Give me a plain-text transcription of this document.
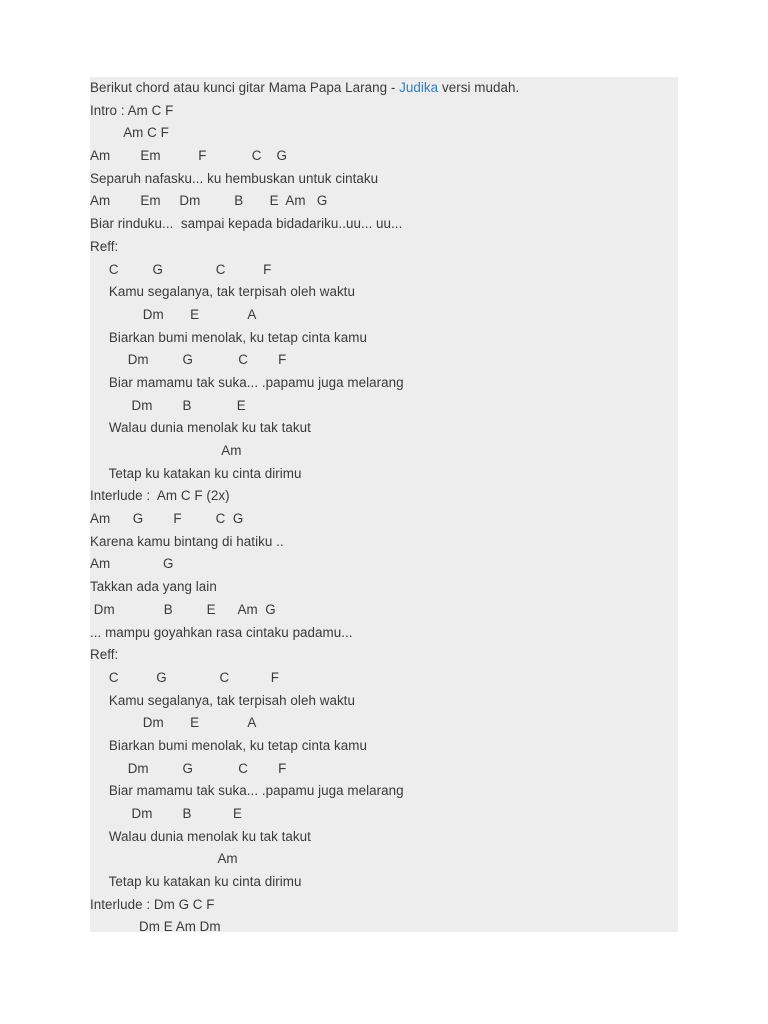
Berikut chord atau kunci gitar Mama Papa Larang - Judika versi mudah.
Intro : Am C F
Am C F
Am        Em          F            C    G
Separuh nafasku... ku hembuskan untuk cintaku
Am        Em     Dm         B       E  Am   G
Biar rinduku...  sampai kepada bidadariku..uu... uu...
Reff:
C         G              C          F
Kamu segalanya, tak terpisah oleh waktu
Dm       E             A
Biarkan bumi menolak, ku tetap cinta kamu
Dm         G            C        F
Biar mamamu tak suka... .papamu juga melarang
Dm        B            E
Walau dunia menolak ku tak takut
Am
Tetap ku katakan ku cinta dirimu
Interlude :  Am C F (2x)
Am      G        F         C  G
Karena kamu bintang di hatiku ..
Am              G
Takkan ada yang lain
Dm             B         E      Am  G
... mampu goyahkan rasa cintaku padamu...
Reff:
C          G              C           F
Kamu segalanya, tak terpisah oleh waktu
Dm       E             A
Biarkan bumi menolak, ku tetap cinta kamu
Dm         G            C        F
Biar mamamu tak suka... .papamu juga melarang
Dm        B           E
Walau dunia menolak ku tak takut
Am
Tetap ku katakan ku cinta dirimu
Interlude : Dm G C F
Dm E Am Dm
